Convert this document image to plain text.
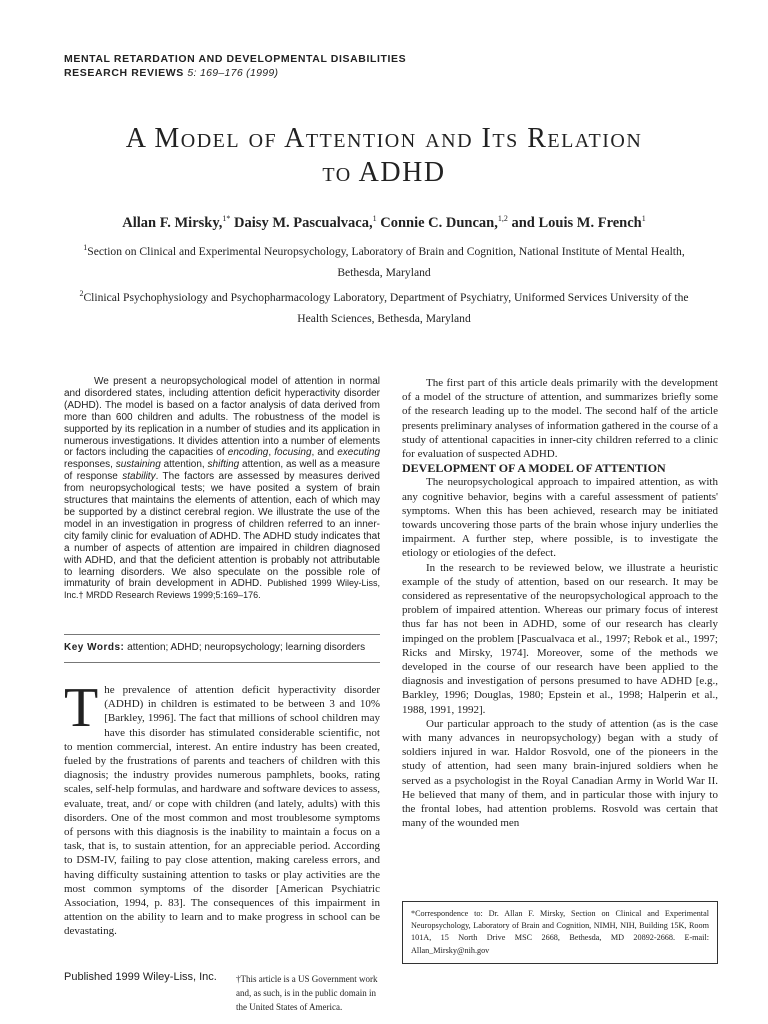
MENTAL RETARDATION AND DEVELOPMENTAL DISABILITIES
RESEARCH REVIEWS 5: 169–176 (1999)
A Model of Attention and Its Relation
to ADHD

Allan F. Mirsky,$^{1*}$ Daisy M. Pascualvaca,$^1$ Connie C. Duncan,$^{1,2}$ and Louis M. French$^1$

$^1$Section on Clinical and Experimental Neuropsychology, Laboratory of Brain and Cognition, National Institute of Mental Health, Bethesda, Maryland

$^2$Clinical Psychophysiology and Psychopharmacology Laboratory, Department of Psychiatry, Uniformed Services University of the Health Sciences, Bethesda, Maryland

We present a neuropsychological model of attention in normal and disordered states, including attention deficit hyperactivity disorder (ADHD). The model is based on a factor analysis of data derived from more than 600 children and adults. The robustness of the model is supported by its replication in a number of studies and its application in numerous investigations. It divides attention into a number of elements or factors including the capacities of encoding, focusing, and executing responses, sustaining attention, shifting attention, as well as a measure of response stability. The factors are assessed by measures derived from neuropsychological tests; we have posited a system of brain structures that maintains the elements of attention, each of which may be supported by a distinct cerebral region. We illustrate the use of the model in an investigation in progress of children referred to an inner-city family clinic for evaluation of ADHD. The ADHD study indicates that a number of aspects of attention are impaired in children diagnosed with ADHD, and that the deficient attention is probably not attributable to learning disorders. We also speculate on the possible role of immaturity of brain development in ADHD. Published 1999 Wiley-Liss, Inc.† MRDD Research Reviews 1999;5:169–176.

Key Words: attention; ADHD; neuropsychology; learning disorders

The prevalence of attention deficit hyperactivity disorder (ADHD) in children is estimated to be between 3 and 10% [Barkley, 1996]. The fact that millions of school children may have this disorder has stimulated considerable scientific, not to mention commercial, interest. An entire industry has been created, fueled by the frustrations of parents and teachers of children with this diagnosis; the industry provides numerous pamphlets, books, rating scales, self-help formulas, and hardware and software devices to assess, evaluate, treat, and/ or cope with children (and lately, adults) with this disorders. One of the most common and most troublesome symptoms of persons with this diagnosis is the inability to maintain a focus on a task, that is, to sustain attention, for an appreciable period. According to DSM-IV, failing to pay close attention, making careless errors, and having difficulty sustaining attention to tasks or play activities are the most common symptoms of the disorder [American Psychiatric Association, 1994, p. 83]. The consequences of this impairment in attention on the ability to learn and to make progress in school can be devastating.

Published 1999 Wiley-Liss, Inc. †This article is a US Government work and, as such, is in the public domain in the United States of America.

The first part of this article deals primarily with the development of a model of the structure of attention, and summarizes briefly some of the research leading up to the model. The second half of the article presents preliminary analyses of information gathered in the course of a study of attentional capacities in inner-city children referred to a clinic for evaluation of suspected ADHD.

DEVELOPMENT OF A MODEL OF ATTENTION

The neuropsychological approach to impaired attention, as with any cognitive behavior, begins with a careful assessment of patients' symptoms. When this has been achieved, research may be initiated towards uncovering those parts of the brain whose injury underlies the impairment. A further step, where possible, is to investigate the etiology or etiologies of the defect.

In the research to be reviewed below, we illustrate a heuristic example of the study of attention, based on our research. It may be considered as representative of the neuropsychological approach to the problem of impaired attention. Whereas our primary focus of interest thus far has not been in ADHD, some of our research has clearly impinged on the problem [Pascualvaca et al., 1997; Rebok et al., 1997; Ricks and Mirsky, 1974]. Moreover, some of the methods we developed in the course of our research have been applied to the diagnosis and investigation of persons presumed to have ADHD [e.g., Barkley, 1996; Douglas, 1980; Epstein et al., 1998; Halperin et al., 1988, 1991, 1992].

Our particular approach to the study of attention (as is the case with many advances in neuropsychology) began with a study of soldiers injured in war. Haldor Rosvold, one of the pioneers in the study of attention, had seen many brain-injured soldiers when he served as a psychologist in the Royal Canadian Army in World War II. He believed that many of them, and in particular those with injury to the frontal lobes, had attention problems. Rosvold was certain that many of the wounded men

*Correspondence to: Dr. Allan F. Mirsky, Section on Clinical and Experimental Neuropsychology, Laboratory of Brain and Cognition, NIMH, NIH, Building 15K, Room 101A, 15 North Drive MSC 2668, Bethesda, MD 20892-2668. E-mail: Allan_Mirsky@nih.gov
